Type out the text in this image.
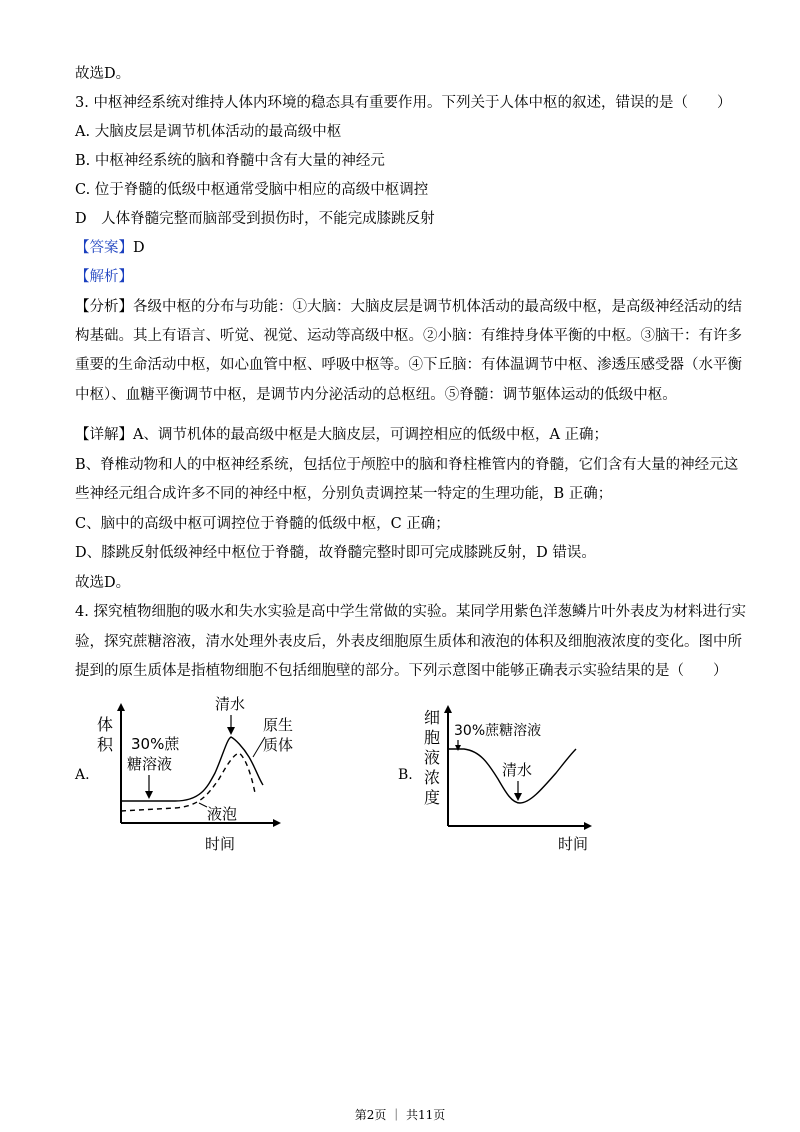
故选D。
3. 中枢神经系统对维持人体内环境的稳态具有重要作用。下列关于人体中枢的叙述，错误的是（　　）
A. 大脑皮层是调节机体活动的最高级中枢
B. 中枢神经系统的脑和脊髓中含有大量的神经元
C. 位于脊髓的低级中枢通常受脑中相应的高级中枢调控
D　人体脊髓完整而脑部受到损伤时，不能完成膝跳反射
【答案】D
【解析】
【分析】各级中枢的分布与功能：①大脑：大脑皮层是调节机体活动的最高级中枢，是高级神经活动的结
构基础。其上有语言、听觉、视觉、运动等高级中枢。②小脑：有维持身体平衡的中枢。③脑干：有许多
重要的生命活动中枢，如心血管中枢、呼吸中枢等。④下丘脑：有体温调节中枢、渗透压感受器（水平衡
中枢）、血糖平衡调节中枢，是调节内分泌活动的总枢纽。⑤脊髓：调节躯体运动的低级中枢。
【详解】A、调节机体的最高级中枢是大脑皮层，可调控相应的低级中枢，A 正确；
B、脊椎动物和人的中枢神经系统，包括位于颅腔中的脑和脊柱椎管内的脊髓，它们含有大量的神经元这
些神经元组合成许多不同的神经中枢，分别负责调控某一特定的生理功能，B 正确；
C、脑中的高级中枢可调控位于脊髓的低级中枢，C 正确；
D、膝跳反射低级神经中枢位于脊髓，故脊髓完整时即可完成膝跳反射，D 错误。
故选D。
4. 探究植物细胞的吸水和失水实验是高中学生常做的实验。某同学用紫色洋葱鳞片叶外表皮为材料进行实
验，探究蔗糖溶液，清水处理外表皮后，外表皮细胞原生质体和液泡的体积及细胞液浓度的变化。图中所
提到的原生质体是指植物细胞不包括细胞壁的部分。下列示意图中能够正确表示实验结果的是（　　）
A.
体
积
时间
30%蔗
糖溶液
清水
原生
质体
液泡
B.
细
胞
液
浓
度
时间
30%蔗糖溶液
清水
第2页 ｜ 共11页
